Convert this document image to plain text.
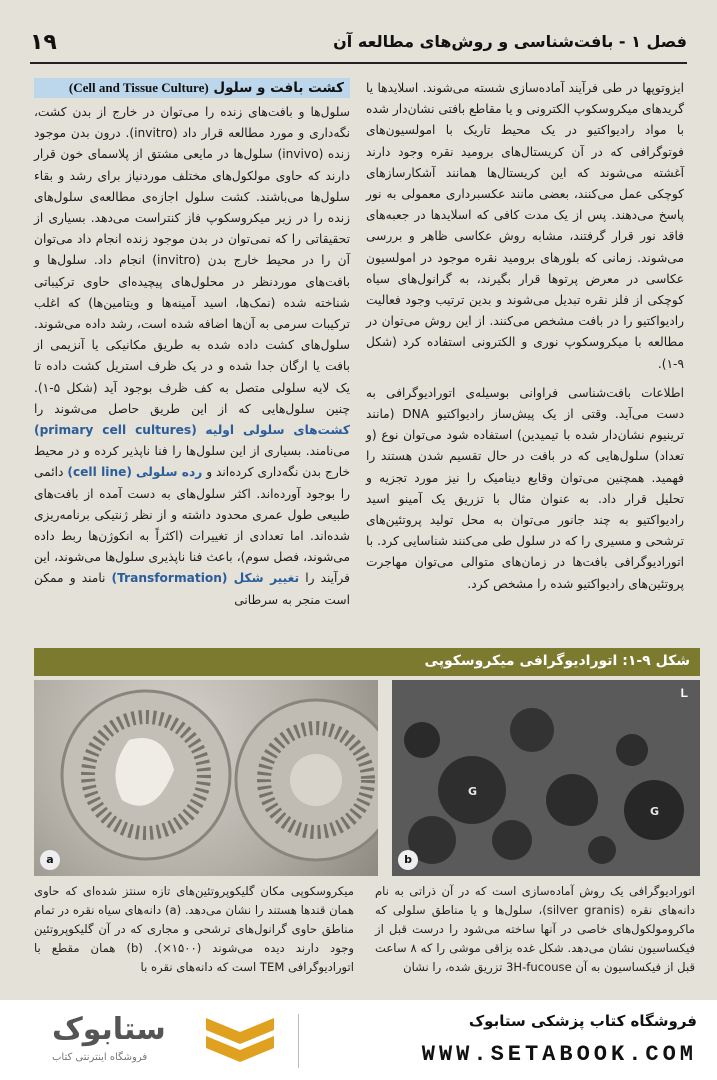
١٩	فصل ۱ - بافت‌شناسی و روش‌های مطالعه آن

ایزوتوپها در طی فرآیند آماده‌سازی شسته می‌شوند. اسلایدها یا گریدهای میکروسکوپ الکترونی و یا مقاطع بافتی نشان‌دار شده با مواد رادیواکتیو در یک محیط تاریک با امولسیون‌های فوتوگرافی که در آن کریستال‌های برومید نقره وجود دارند آغشته می‌شوند که این کریستال‌ها همانند آشکارسازهای کوچکی عمل می‌کنند، بعضی مانند عکسبرداری معمولی به نور پاسخ می‌دهند. پس از یک مدت کافی که اسلایدها در جعبه‌های فاقد نور قرار گرفتند، مشابه روش عکاسی ظاهر و بررسی می‌شوند. زمانی که بلورهای برومید نقره موجود در امولسیون عکاسی در معرض پرتوها قرار بگیرند، به گرانول‌های سیاه کوچکی از فلز نقره تبدیل می‌شوند و بدین ترتیب وجود فعالیت رادیواکتیو را در بافت مشخص می‌کنند. از این روش می‌توان در مطالعه با میکروسکوپ نوری و الکترونی استفاده کرد (شکل ۹-۱).

اطلاعات بافت‌شناسی فراوانی بوسیله‌ی اتورادیوگرافی به دست می‌آید. وقتی از یک پیش‌ساز رادیواکتیو DNA (مانند ترینیوم نشان‌دار شده با تیمیدین) استفاده شود می‌توان نوع (و تعداد) سلول‌هایی که در بافت در حال تقسیم شدن هستند را فهمید. همچنین می‌توان وقایع دینامیک را نیز مورد تجزیه و تحلیل قرار داد. به عنوان مثال با تزریق یک آمینو اسید رادیواکتیو به چند جانور می‌توان به محل تولید پروتئین‌های ترشحی و مسیری را که در سلول طی می‌کنند شناسایی کرد. با اتورادیوگرافی بافت‌ها در زمان‌های متوالی می‌توان مهاجرت پروتئین‌های رادیواکتیو شده را مشخص کرد.

کشت بافت و سلول (Cell and Tissue Culture)

سلول‌ها و بافت‌های زنده را می‌توان در خارج از بدن کشت، نگه‌داری و مورد مطالعه قرار داد (invitro). درون بدن موجود زنده (invivo) سلول‌ها در مایعی مشتق از پلاسمای خون قرار دارند که حاوی مولکول‌های مختلف موردنیاز برای رشد و بقاء سلول‌ها می‌باشند. کشت سلول اجازه‌ی مطالعه‌ی سلول‌های زنده را در زیر میکروسکوپ فاز کنتراست می‌دهد. بسیاری از تحقیقاتی را که نمی‌توان در بدن موجود زنده انجام داد می‌توان آن را در محیط خارج بدن (invitro) انجام داد. سلول‌ها و بافت‌های موردنظر در محلول‌های پیچیده‌ای حاوی ترکیباتی شناخته شده (نمک‌ها، اسید آمینه‌ها و ویتامین‌ها) که اغلب ترکیبات سرمی به آن‌ها اضافه شده است، رشد داده می‌شوند. سلول‌های کشت داده شده به طریق مکانیکی یا آنزیمی از بافت یا ارگان جدا شده و در یک ظرف استریل کشت داده تا یک لایه سلولی متصل به کف ظرف بوجود آید (شکل ۵-۱). چنین سلول‌هایی که از این طریق حاصل می‌شوند را کشت‌های سلولی اولیه (primary cell cultures) می‌نامند. بسیاری از این سلول‌ها را فنا ناپذیر کرده و در محیط خارج بدن نگه‌داری کرده‌اند و رده سلولی (cell line) دائمی را بوجود آورده‌اند. اکثر سلول‌های به دست آمده از بافت‌های طبیعی طول عمری محدود داشته و از نظر ژنتیکی برنامه‌ریزی شده‌اند. اما تعدادی از تغییرات (اکثراً به انکوژن‌ها ربط داده می‌شوند، فصل سوم)، باعث فنا ناپذیری سلول‌ها می‌شوند، این فرآیند را تغییر شکل (Transformation) نامند و ممکن است منجر به سرطانی

شکل ۹-۱: اتورادیوگرافی میکروسکوپی
a
G
G
L
b

اتورادیوگرافی یک روش آماده‌سازی است که در آن ذراتی به نام دانه‌های نقره (silver granis)، سلول‌ها و یا مناطق سلولی که ماکرومولکول‌های خاصی در آنها ساخته می‌شود را درست قبل از فیکساسیون نشان می‌دهد. شکل غده بزاقی موشی را که ۸ ساعت قبل از فیکساسیون به آن 3H-fucouse تزریق شده، را نشان

میکروسکوپی مکان گلیکوپروتئین‌های تازه سنتز شده‌ای که حاوی همان قندها هستند را نشان می‌دهد. (a) دانه‌های سیاه نقره در تمام مناطق حاوی گرانول‌های ترشحی و مجاری که در آن گلیکوپروتئین وجود دارند دیده می‌شوند (۱۵۰۰×). (b) همان مقطع با اتورادیوگرافی TEM است که دانه‌های نقره با

فروشگاه کتاب پزشکی ستابوک
WWW.SETABOOK.COM
ستابوک
فروشگاه اینترنتی کتاب
